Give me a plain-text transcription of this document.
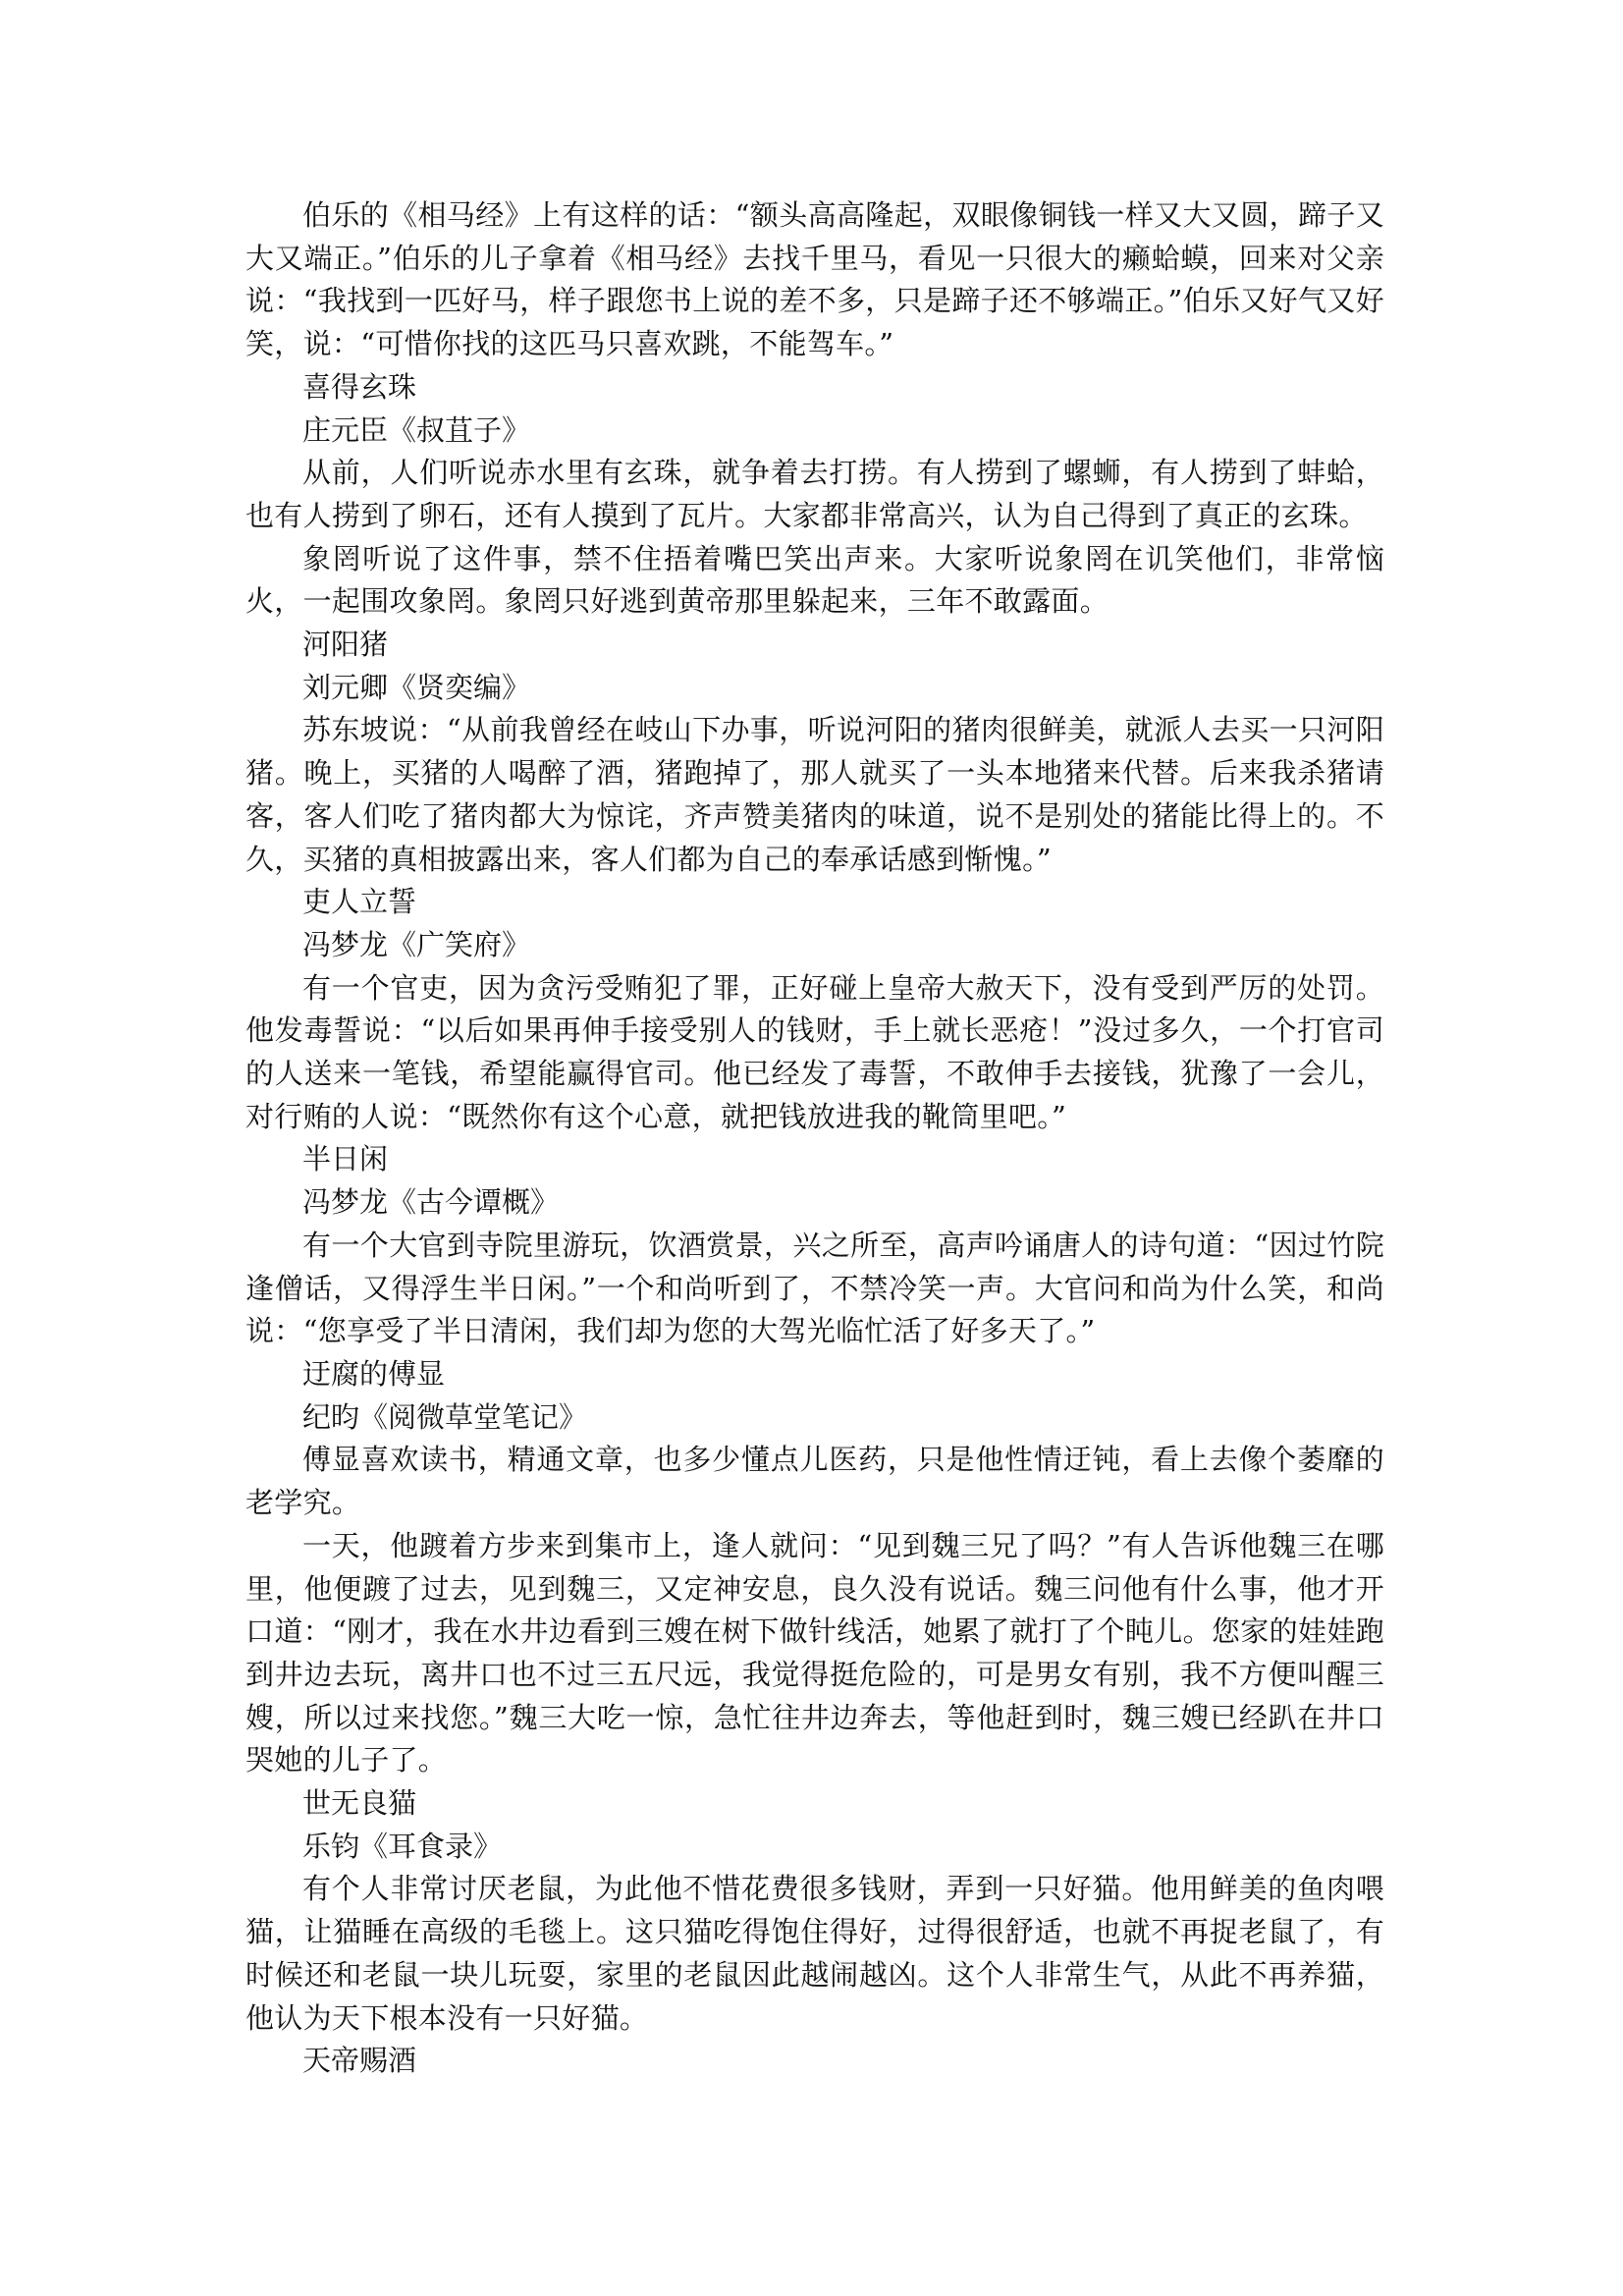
伯乐的《相马经》上有这样的话：“额头高高隆起，双眼像铜钱一样又大又圆，蹄子又大又端正。”伯乐的儿子拿着《相马经》去找千里马，看见一只很大的癞蛤蟆，回来对父亲说：“我找到一匹好马，样子跟您书上说的差不多，只是蹄子还不够端正。”伯乐又好气又好笑，说：“可惜你找的这匹马只喜欢跳，不能驾车。”

喜得玄珠

庄元臣《叔苴子》

从前，人们听说赤水里有玄珠，就争着去打捞。有人捞到了螺蛳，有人捞到了蚌蛤，也有人捞到了卵石，还有人摸到了瓦片。大家都非常高兴，认为自己得到了真正的玄珠。

象罔听说了这件事，禁不住捂着嘴巴笑出声来。大家听说象罔在讥笑他们，非常恼火，一起围攻象罔。象罔只好逃到黄帝那里躲起来，三年不敢露面。

河阳猪

刘元卿《贤奕编》

苏东坡说：“从前我曾经在岐山下办事，听说河阳的猪肉很鲜美，就派人去买一只河阳猪。晚上，买猪的人喝醉了酒，猪跑掉了，那人就买了一头本地猪来代替。后来我杀猪请客，客人们吃了猪肉都大为惊诧，齐声赞美猪肉的味道，说不是别处的猪能比得上的。不久，买猪的真相披露出来，客人们都为自己的奉承话感到惭愧。”

吏人立誓

冯梦龙《广笑府》

有一个官吏，因为贪污受贿犯了罪，正好碰上皇帝大赦天下，没有受到严厉的处罚。他发毒誓说：“以后如果再伸手接受别人的钱财，手上就长恶疮！”没过多久，一个打官司的人送来一笔钱，希望能赢得官司。他已经发了毒誓，不敢伸手去接钱，犹豫了一会儿，对行贿的人说：“既然你有这个心意，就把钱放进我的靴筒里吧。”

半日闲

冯梦龙《古今谭概》

有一个大官到寺院里游玩，饮酒赏景，兴之所至，高声吟诵唐人的诗句道：“因过竹院逢僧话，又得浮生半日闲。”一个和尚听到了，不禁冷笑一声。大官问和尚为什么笑，和尚说：“您享受了半日清闲，我们却为您的大驾光临忙活了好多天了。”

迂腐的傅显

纪昀《阅微草堂笔记》

傅显喜欢读书，精通文章，也多少懂点儿医药，只是他性情迂钝，看上去像个萎靡的老学究。

一天，他踱着方步来到集市上，逢人就问：“见到魏三兄了吗？”有人告诉他魏三在哪里，他便踱了过去，见到魏三，又定神安息，良久没有说话。魏三问他有什么事，他才开口道：“刚才，我在水井边看到三嫂在树下做针线活，她累了就打了个盹儿。您家的娃娃跑到井边去玩，离井口也不过三五尺远，我觉得挺危险的，可是男女有别，我不方便叫醒三嫂，所以过来找您。”魏三大吃一惊，急忙往井边奔去，等他赶到时，魏三嫂已经趴在井口哭她的儿子了。

世无良猫

乐钧《耳食录》

有个人非常讨厌老鼠，为此他不惜花费很多钱财，弄到一只好猫。他用鲜美的鱼肉喂猫，让猫睡在高级的毛毯上。这只猫吃得饱住得好，过得很舒适，也就不再捉老鼠了，有时候还和老鼠一块儿玩耍，家里的老鼠因此越闹越凶。这个人非常生气，从此不再养猫，他认为天下根本没有一只好猫。

天帝赐酒
